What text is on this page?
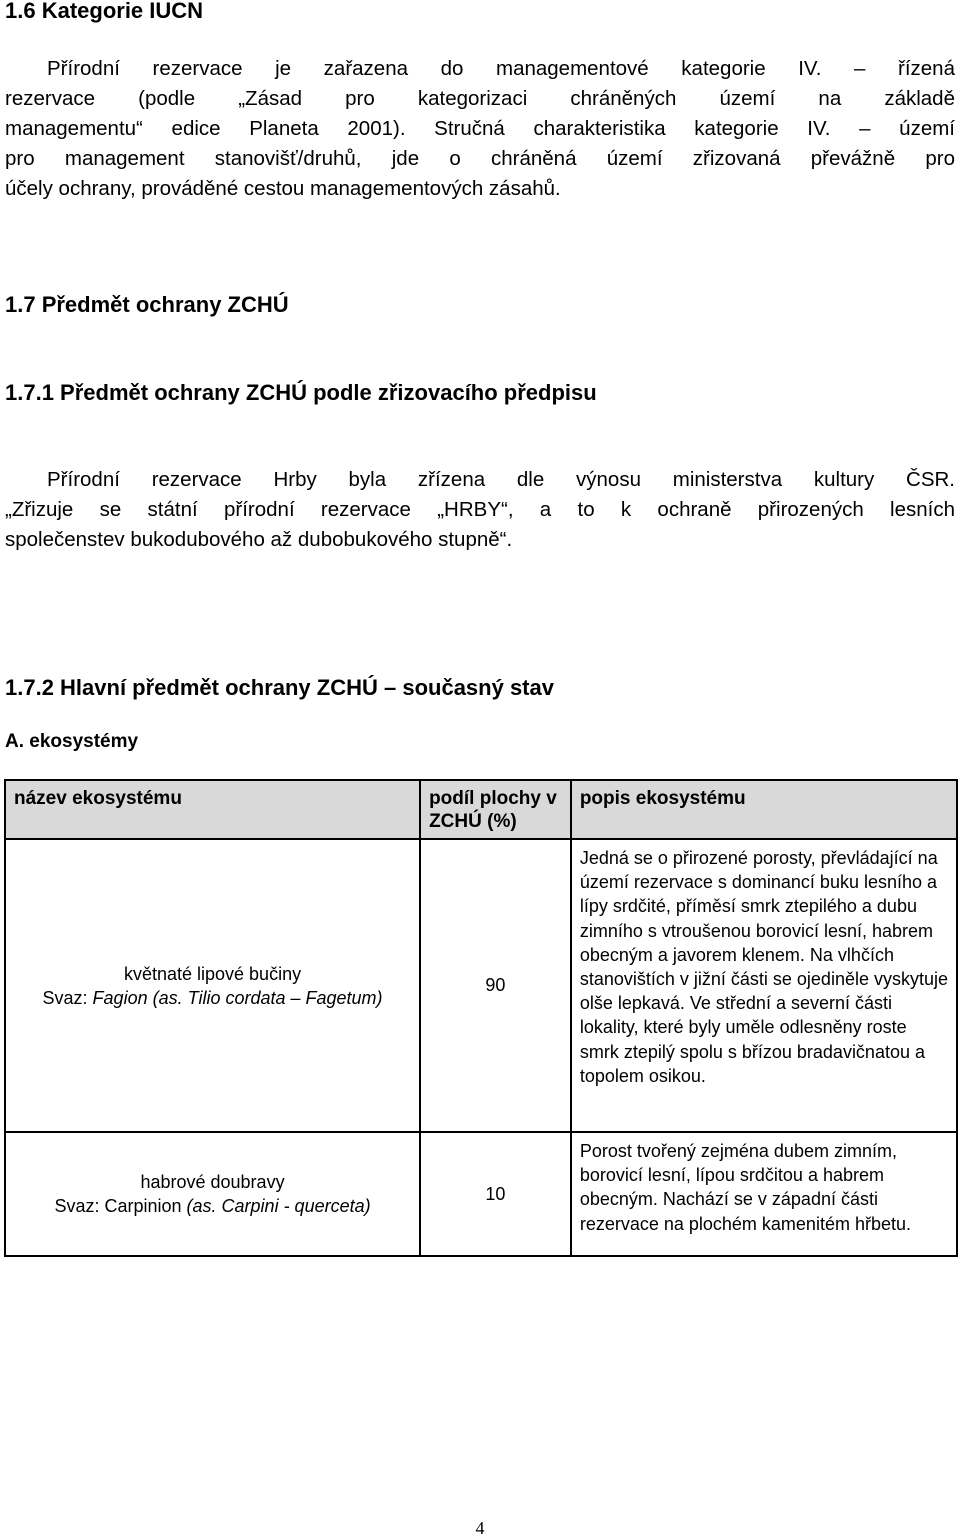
1.6 Kategorie IUCN
Přírodní rezervace je zařazena do managementové kategorie IV. – řízená
rezervace (podle „Zásad pro kategorizaci chráněných území na základě
managementu“ edice Planeta 2001). Stručná charakteristika kategorie IV. – území
pro management stanovišť/druhů, jde o chráněná území zřizovaná převážně pro
účely ochrany, prováděné cestou managementových zásahů.
1.7 Předmět ochrany ZCHÚ
1.7.1 Předmět ochrany ZCHÚ podle zřizovacího předpisu
Přírodní rezervace Hrby byla zřízena dle výnosu ministerstva kultury ČSR.
„Zřizuje se státní přírodní rezervace „HRBY“, a to k ochraně přirozených lesních
společenstev bukodubového až dubobukového stupně“.
1.7.2 Hlavní předmět ochrany ZCHÚ – současný stav
A. ekosystémy
název ekosystému	podíl plochy v ZCHÚ (%)	popis ekosystému

květnaté lipové bučiny
Svaz: Fagion (as. Tilio cordata – Fagetum)	90	Jedná se o přirozené porosty, převládající na území rezervace s dominancí buku lesního a lípy srdčité, příměsí smrk ztepilého a dubu zimního s vtroušenou borovicí lesní, habrem obecným a javorem klenem. Na vlhčích stanovištích v jižní části se ojediněle vyskytuje olše lepkavá. Ve střední a severní části lokality, které byly uměle odlesněny roste smrk ztepilý spolu s břízou bradavičnatou a topolem osikou.

habrové doubravy
Svaz: Carpinion (as. Carpini - querceta)	10	Porost tvořený zejména dubem zimním, borovicí lesní, lípou srdčitou a habrem obecným. Nachází se v západní části rezervace na plochém kamenitém hřbetu.
4
